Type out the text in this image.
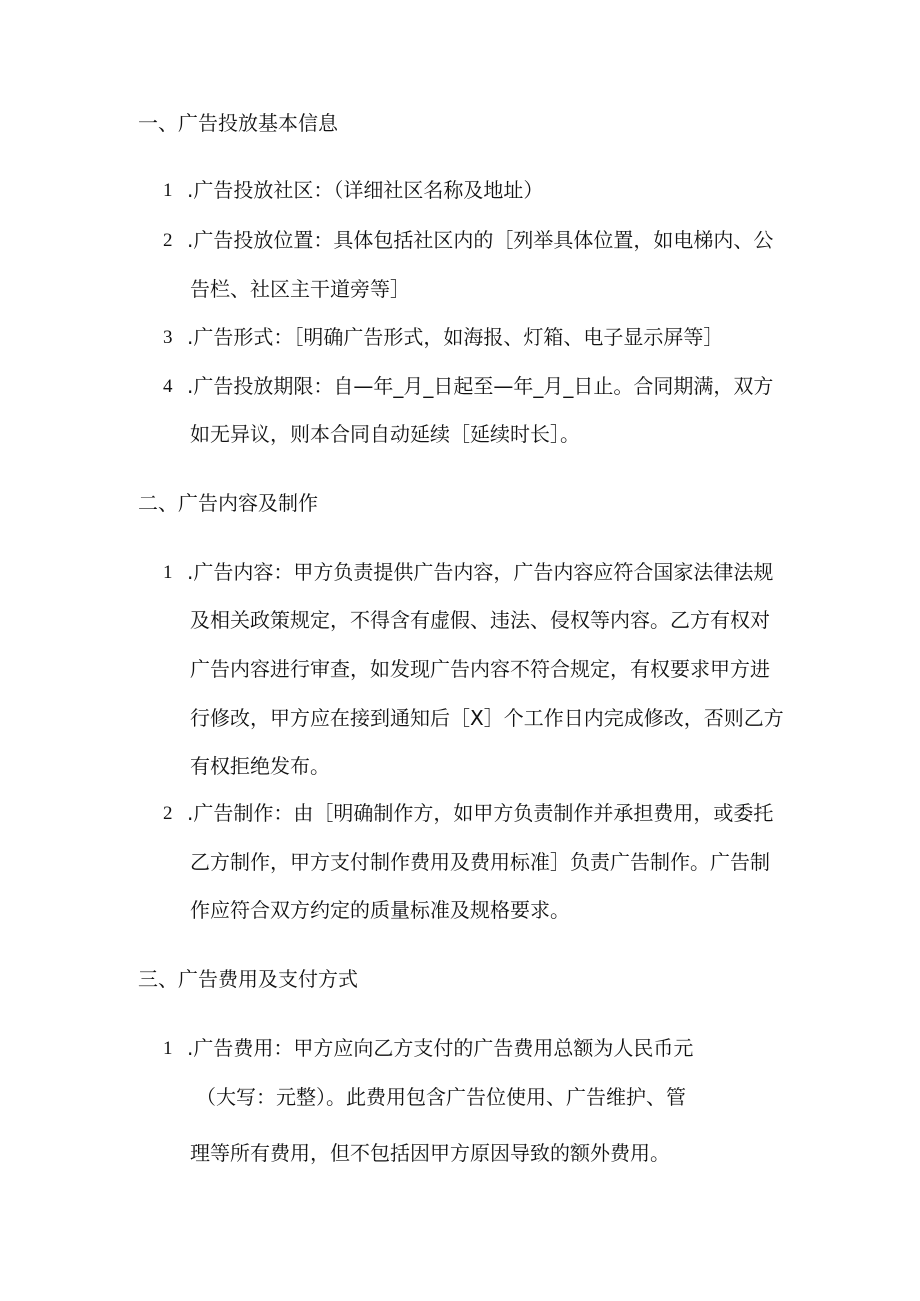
一、广告投放基本信息
1 .广告投放社区：（详细社区名称及地址）
2 .广告投放位置：具体包括社区内的［列举具体位置，如电梯内、公
告栏、社区主干道旁等］
3 .广告形式：［明确广告形式，如海报、灯箱、电子显示屏等］
4 .广告投放期限：自—年_月_日起至—年_月_日止。合同期满，双方
如无异议，则本合同自动延续［延续时长］。
二、广告内容及制作
1 .广告内容：甲方负责提供广告内容，广告内容应符合国家法律法规
及相关政策规定，不得含有虚假、违法、侵权等内容。乙方有权对
广告内容进行审查，如发现广告内容不符合规定，有权要求甲方进
行修改，甲方应在接到通知后［X］个工作日内完成修改，否则乙方
有权拒绝发布。
2 .广告制作：由［明确制作方，如甲方负责制作并承担费用，或委托
乙方制作，甲方支付制作费用及费用标准］负责广告制作。广告制
作应符合双方约定的质量标准及规格要求。
三、广告费用及支付方式
1 .广告费用：甲方应向乙方支付的广告费用总额为人民币元
（大写：元整）。此费用包含广告位使用、广告维护、管
理等所有费用，但不包括因甲方原因导致的额外费用。
